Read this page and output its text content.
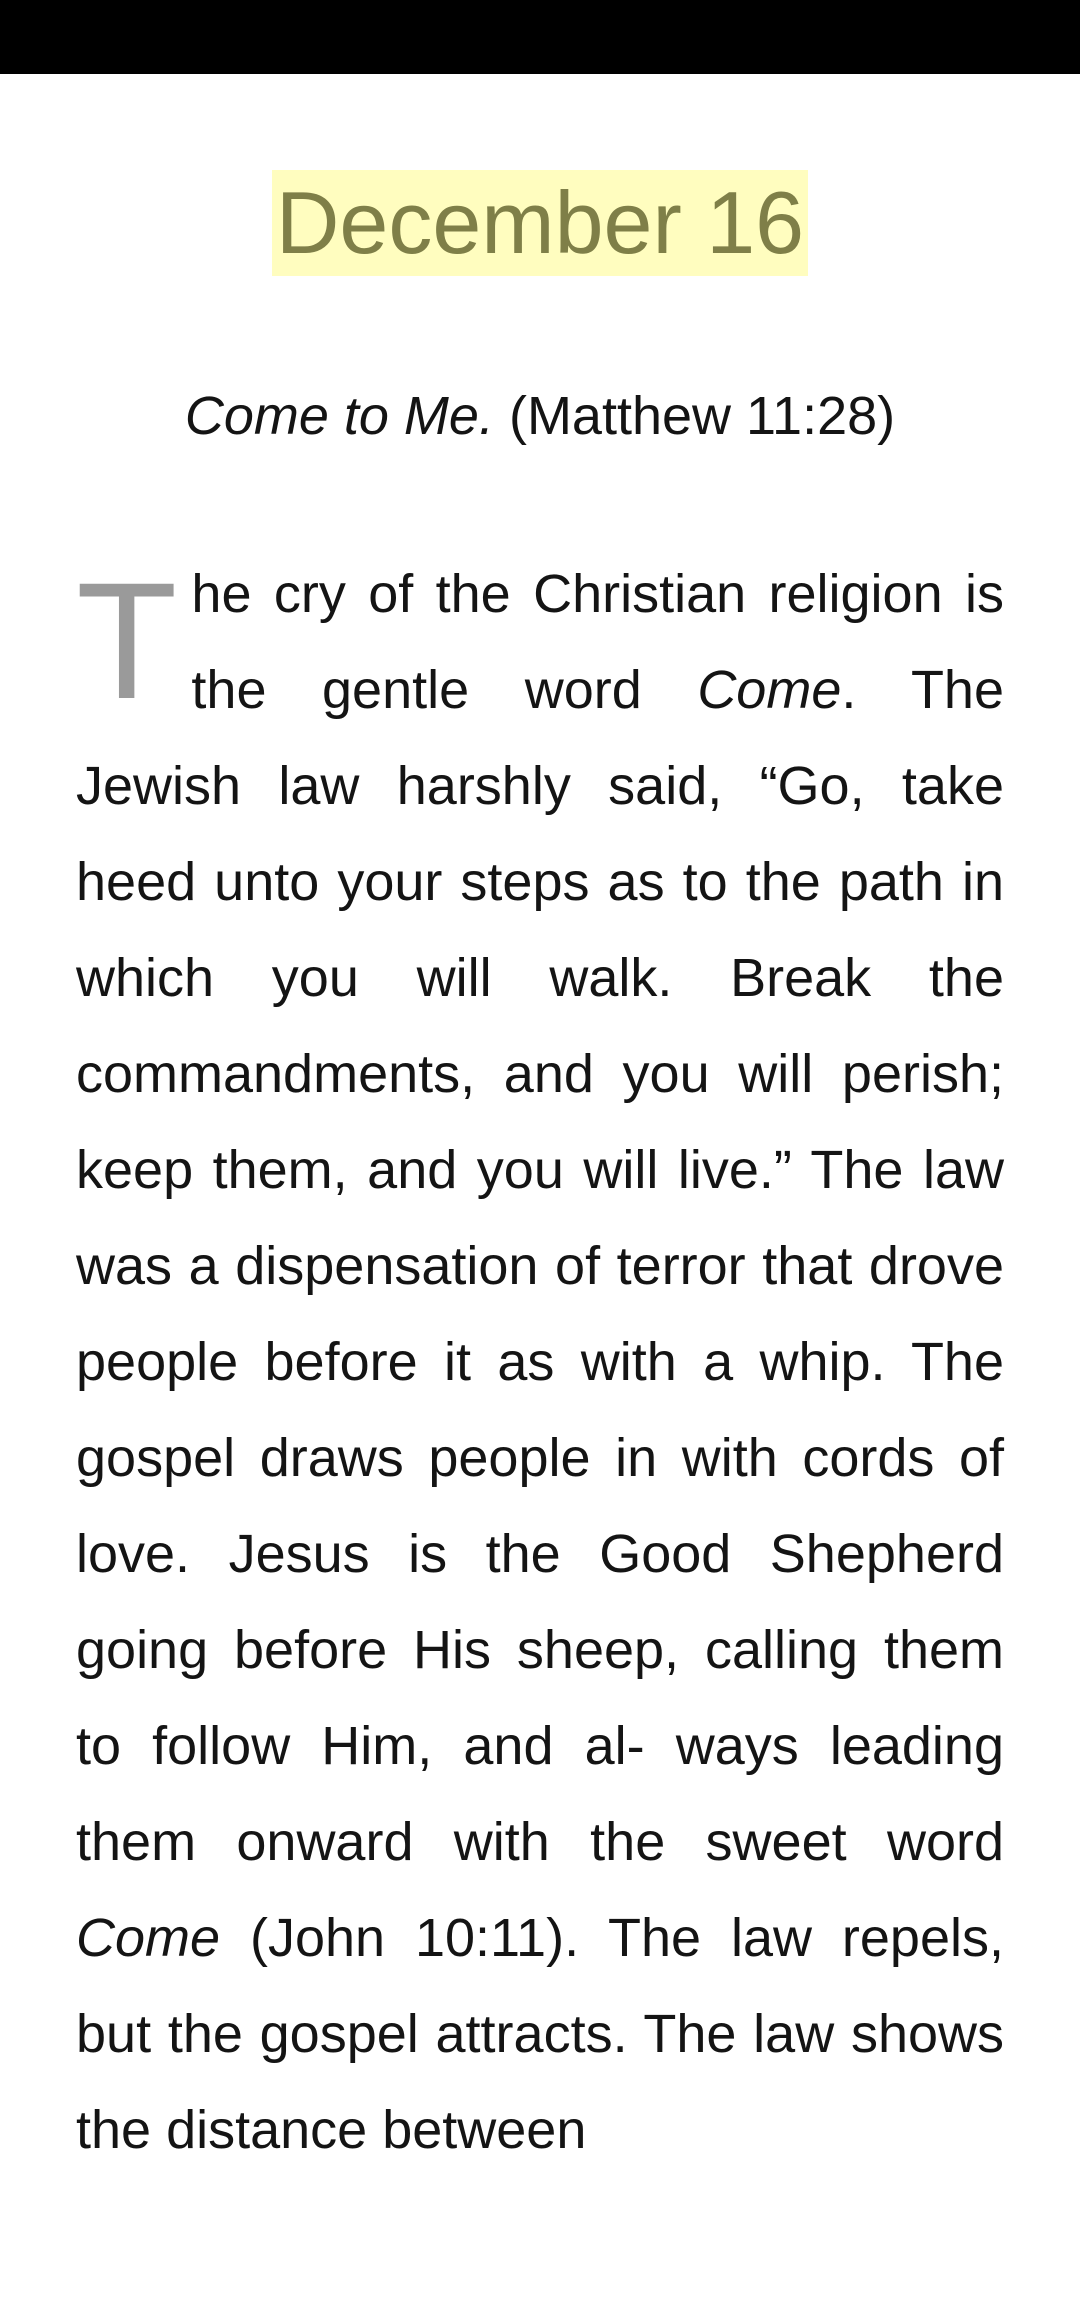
December 16
Come to Me. (Matthew 11:28)
T he cry of the Christian religion is the gentle word Come. The Jewish law harshly said, “Go, take heed unto your steps as to the path in which you will walk. Break the commandments, and you will perish; keep them, and you will live.” The law was a dispensation of terror that drove people before it as with a whip. The gospel draws people in with cords of love. Jesus is the Good Shepherd going before His sheep, calling them to follow Him, and al- ways leading them onward with the sweet word Come (John 10:11). The law repels, but the gospel attracts. The law shows the distance between
